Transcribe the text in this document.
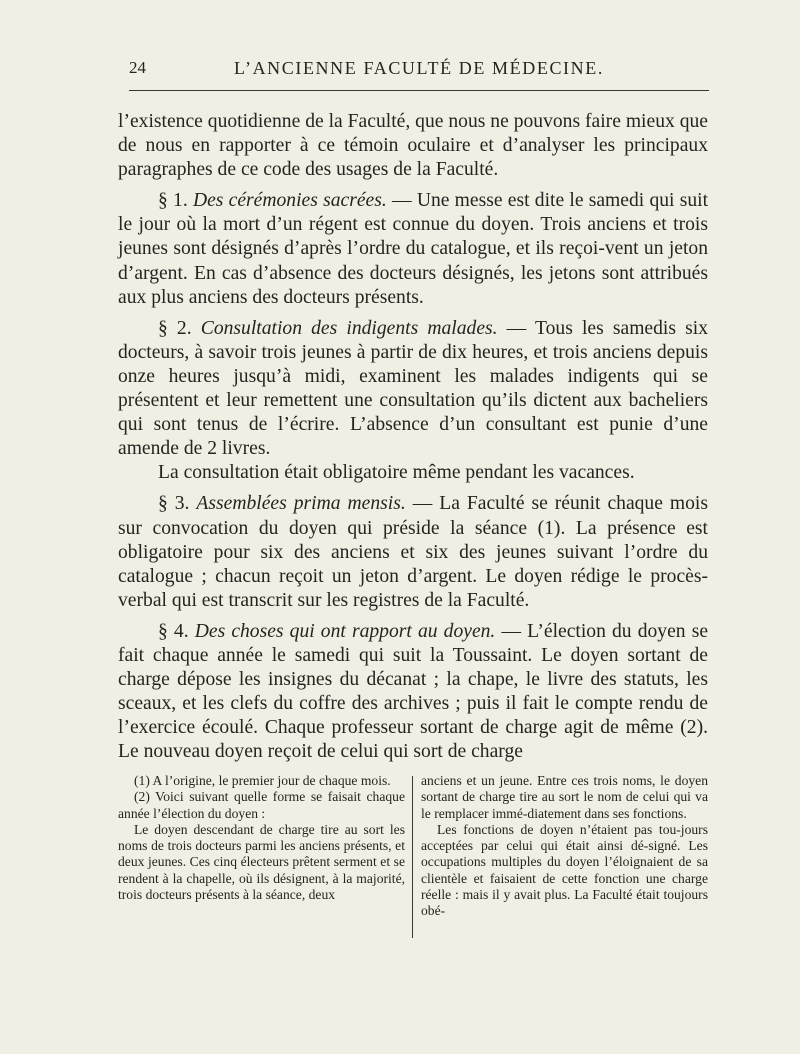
24	L’ANCIENNE FACULTÉ DE MÉDECINE.

l’existence quotidienne de la Faculté, que nous ne pouvons faire mieux que de nous en rapporter à ce témoin oculaire et d’analyser les principaux paragraphes de ce code des usages de la Faculté.

§ 1. Des cérémonies sacrées. — Une messe est dite le samedi qui suit le jour où la mort d’un régent est connue du doyen. Trois anciens et trois jeunes sont désignés d’après l’ordre du catalogue, et ils reçoi-vent un jeton d’argent. En cas d’absence des docteurs désignés, les jetons sont attribués aux plus anciens des docteurs présents.

§ 2. Consultation des indigents malades. — Tous les samedis six docteurs, à savoir trois jeunes à partir de dix heures, et trois anciens depuis onze heures jusqu’à midi, examinent les malades indigents qui se présentent et leur remettent une consultation qu’ils dictent aux bacheliers qui sont tenus de l’écrire. L’absence d’un consultant est punie d’une amende de 2 livres.

La consultation était obligatoire même pendant les vacances.

§ 3. Assemblées prima mensis. — La Faculté se réunit chaque mois sur convocation du doyen qui préside la séance (1). La présence est obligatoire pour six des anciens et six des jeunes suivant l’ordre du catalogue ; chacun reçoit un jeton d’argent. Le doyen rédige le procès-verbal qui est transcrit sur les registres de la Faculté.

§ 4. Des choses qui ont rapport au doyen. — L’élection du doyen se fait chaque année le samedi qui suit la Toussaint. Le doyen sortant de charge dépose les insignes du décanat ; la chape, le livre des statuts, les sceaux, et les clefs du coffre des archives ; puis il fait le compte rendu de l’exercice écoulé. Chaque professeur sortant de charge agit de même (2). Le nouveau doyen reçoit de celui qui sort de charge

(1) A l’origine, le premier jour de chaque mois.

(2) Voici suivant quelle forme se faisait chaque année l’élection du doyen :

Le doyen descendant de charge tire au sort les noms de trois docteurs parmi les anciens présents, et deux jeunes. Ces cinq électeurs prêtent serment et se rendent à la chapelle, où ils désignent, à la majorité, trois docteurs présents à la séance, deux

anciens et un jeune. Entre ces trois noms, le doyen sortant de charge tire au sort le nom de celui qui va le remplacer immé-diatement dans ses fonctions.

Les fonctions de doyen n’étaient pas tou-jours acceptées par celui qui était ainsi dé-signé. Les occupations multiples du doyen l’éloignaient de sa clientèle et faisaient de cette fonction une charge réelle : mais il y avait plus. La Faculté était toujours obé-
